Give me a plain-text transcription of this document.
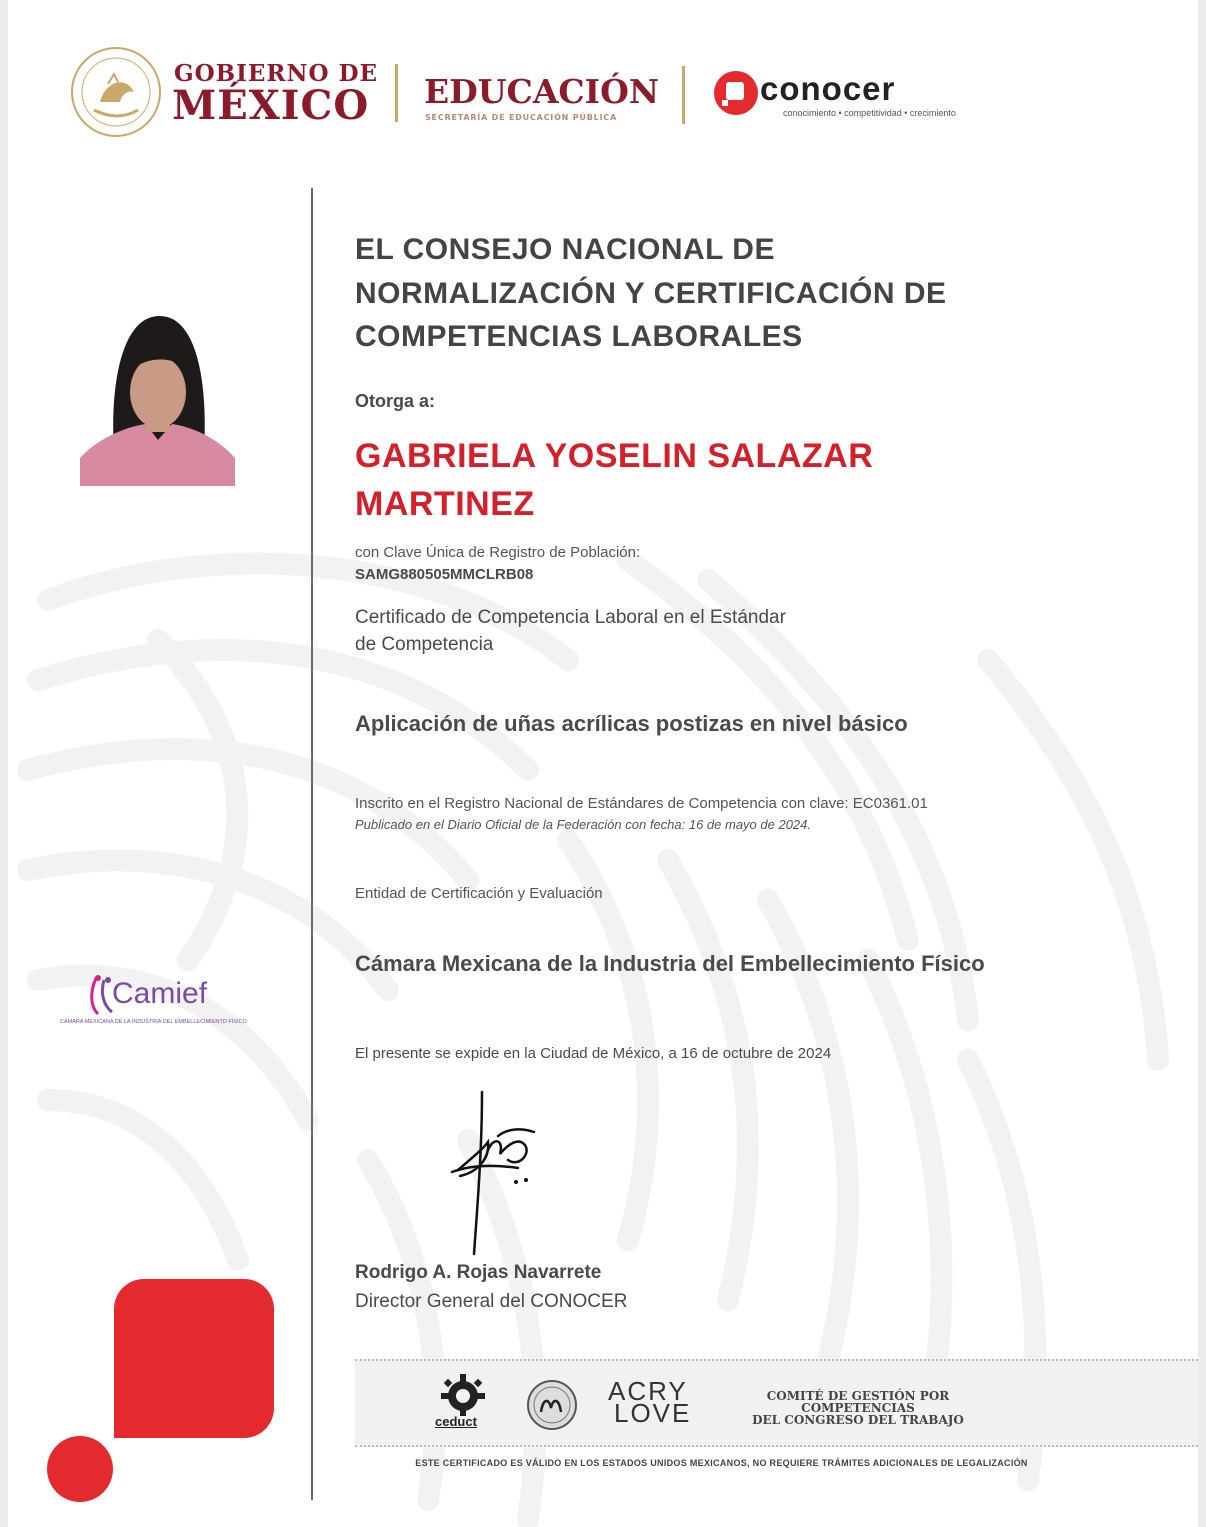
GOBIERNO DE
MÉXICO EDUCACIÓN
SECRETARÍA DE EDUCACIÓN PÚBLICA
conocer
conocimiento • competitividad • crecimiento
Camief
CÁMARA MEXICANA DE LA INDUSTRIA DEL EMBELLECIMIENTO FÍSICO
EL CONSEJO NACIONAL DE
NORMALIZACIÓN Y CERTIFICACIÓN DE
COMPETENCIAS LABORALES
Otorga a:
GABRIELA YOSELIN SALAZAR
MARTINEZ
con Clave Única de Registro de Población:
SAMG880505MMCLRB08
Certificado de Competencia Laboral en el Estándar
de Competencia
Aplicación de uñas acrílicas postizas en nivel básico
Inscrito en el Registro Nacional de Estándares de Competencia con clave: EC0361.01
Publicado en el Diario Oficial de la Federación con fecha: 16 de mayo de 2024.
Entidad de Certificación y Evaluación
Cámara Mexicana de la Industria del Embellecimiento Físico
El presente se expide en la Ciudad de México, a 16 de octubre de 2024
Rodrigo A. Rojas Navarrete
Director General del CONOCER
ceduct
ACRY
LOVE
COMITÉ DE GESTIÓN POR COMPETENCIAS
DEL CONGRESO DEL TRABAJO
ESTE CERTIFICADO ES VÁLIDO EN LOS ESTADOS UNIDOS MEXICANOS, NO REQUIERE TRÁMITES ADICIONALES DE LEGALIZACIÓN
